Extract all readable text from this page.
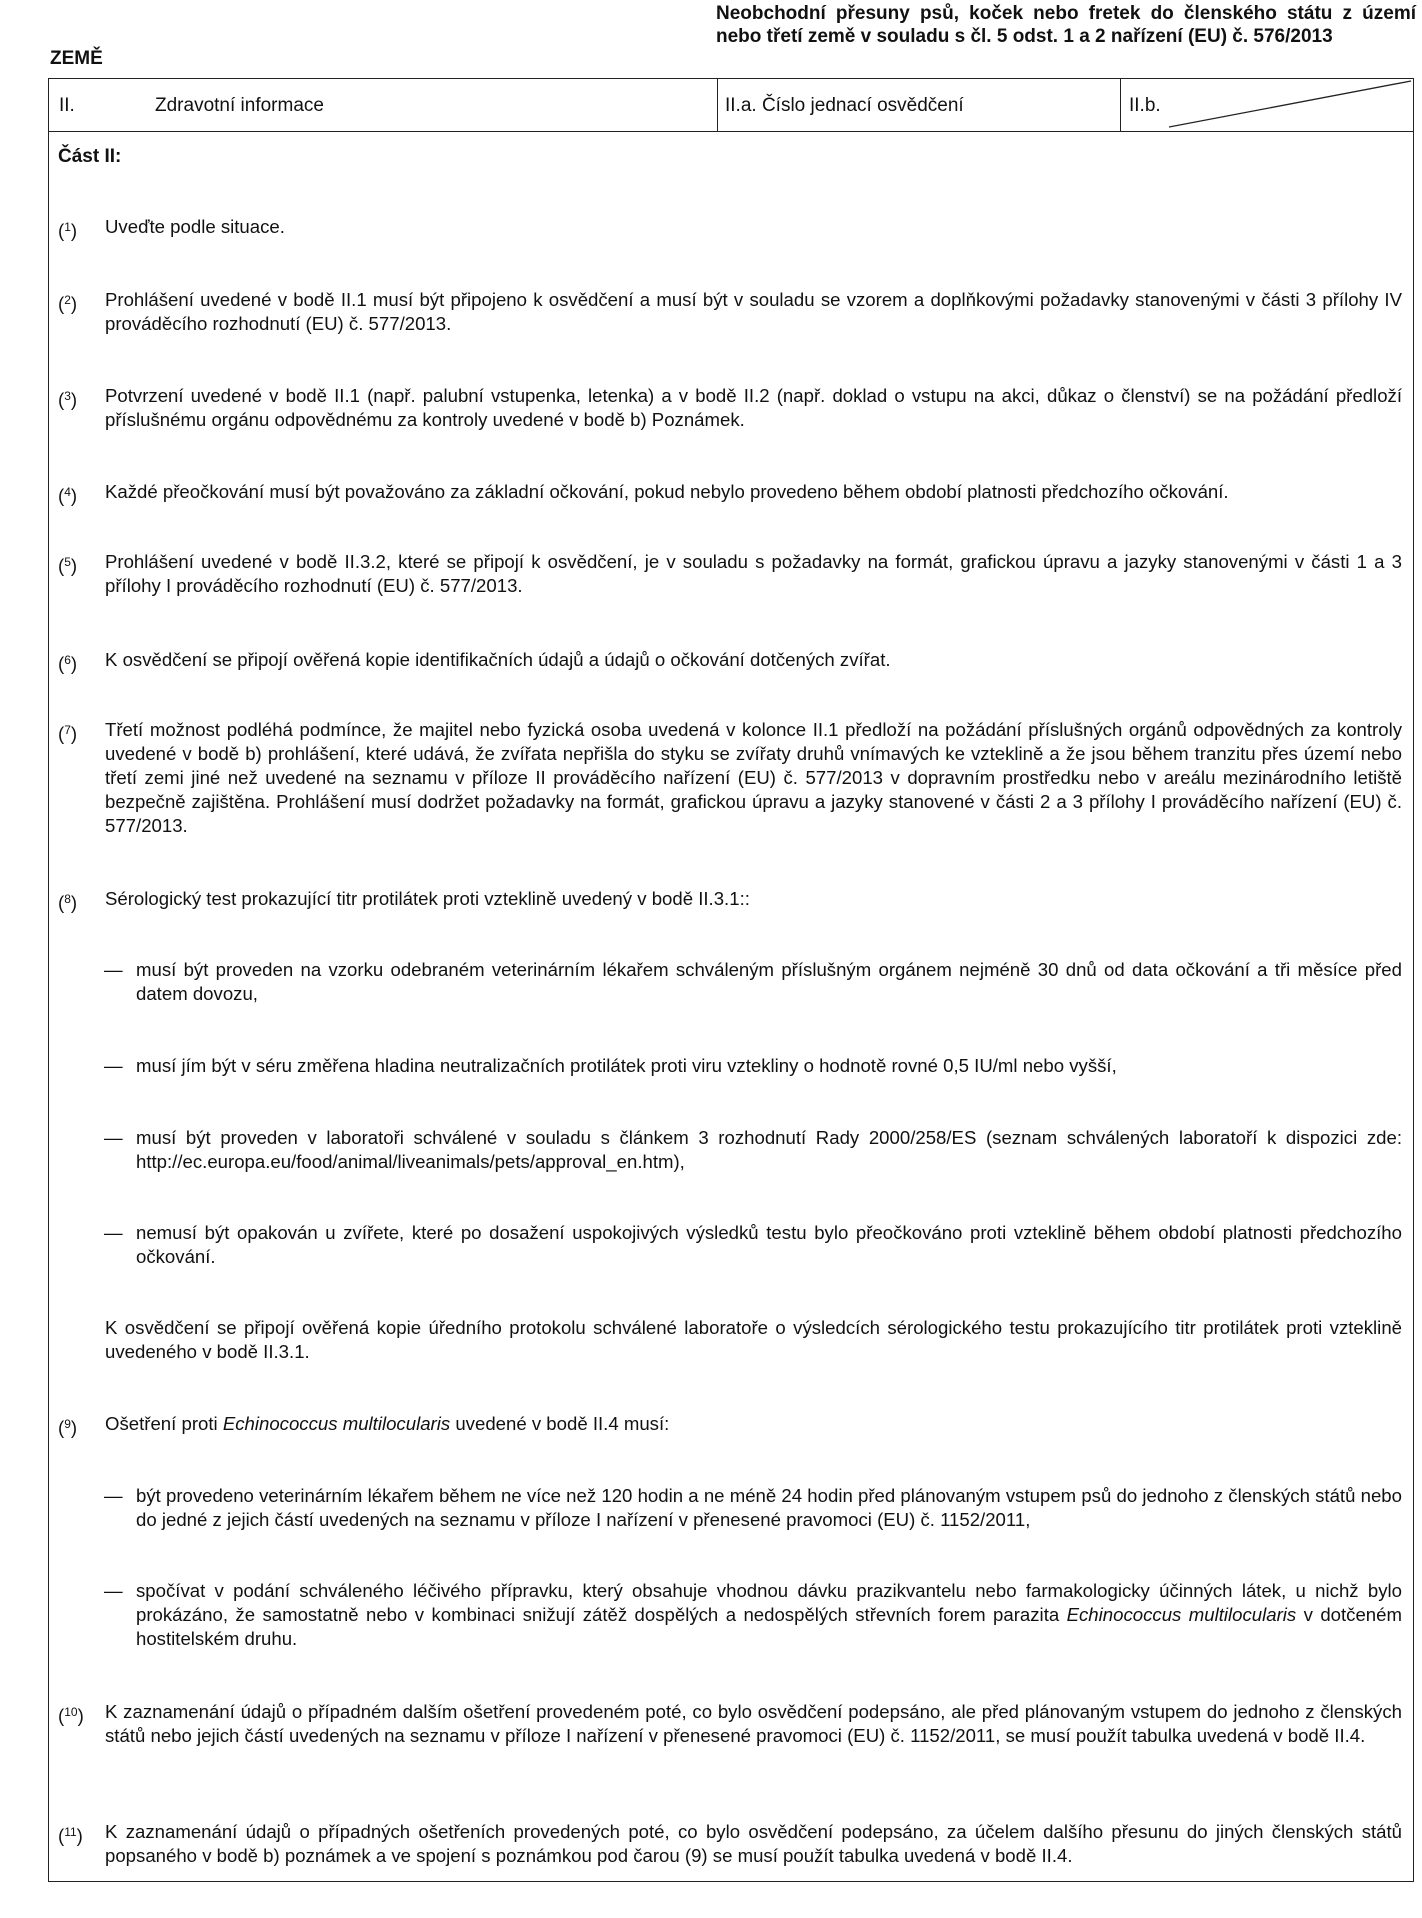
ZEMĚ
Neobchodní přesuny psů, koček nebo fretek do členského státu z území nebo třetí země v souladu s čl. 5 odst. 1 a 2 nařízení (EU) č. 576/2013
II.	Zdravotní informace	II.a. Číslo jednací osvědčení	II.b.
Část II:
($^1$) Uveďte podle situace.
($^2$) Prohlášení uvedené v bodě II.1 musí být připojeno k osvědčení a musí být v souladu se vzorem a doplňkovými požadavky stanovenými v části 3 přílohy IV prováděcího rozhodnutí (EU) č. 577/2013.
($^3$) Potvrzení uvedené v bodě II.1 (např. palubní vstupenka, letenka) a v bodě II.2 (např. doklad o vstupu na akci, důkaz o členství) se na požádání předloží příslušnému orgánu odpovědnému za kontroly uvedené v bodě b) Poznámek.
($^4$) Každé přeočkování musí být považováno za základní očkování, pokud nebylo provedeno během období platnosti předchozího očkování.
($^5$) Prohlášení uvedené v bodě II.3.2, které se připojí k osvědčení, je v souladu s požadavky na formát, grafickou úpravu a jazyky stanovenými v části 1 a 3 přílohy I prováděcího rozhodnutí (EU) č. 577/2013.
($^6$) K osvědčení se připojí ověřená kopie identifikačních údajů a údajů o očkování dotčených zvířat.
($^7$) Třetí možnost podléhá podmínce, že majitel nebo fyzická osoba uvedená v kolonce II.1 předloží na požádání příslušných orgánů odpovědných za kontroly uvedené v bodě b) prohlášení, které udává, že zvířata nepřišla do styku se zvířaty druhů vnímavých ke vzteklině a že jsou během tranzitu přes území nebo třetí zemi jiné než uvedené na seznamu v příloze II prováděcího nařízení (EU) č. 577/2013 v dopravním prostředku nebo v areálu mezinárodního letiště bezpečně zajištěna. Prohlášení musí dodržet požadavky na formát, grafickou úpravu a jazyky stanovené v části 2 a 3 přílohy I prováděcího nařízení (EU) č. 577/2013.
($^8$) Sérologický test prokazující titr protilátek proti vzteklině uvedený v bodě II.3.1::
— musí být proveden na vzorku odebraném veterinárním lékařem schváleným příslušným orgánem nejméně 30 dnů od data očkování a tři měsíce před datem dovozu,
— musí jím být v séru změřena hladina neutralizačních protilátek proti viru vztekliny o hodnotě rovné 0,5 IU/ml nebo vyšší,
— musí být proveden v laboratoři schválené v souladu s článkem 3 rozhodnutí Rady 2000/258/ES (seznam schválených laboratoří k dispozici zde: http://ec.europa.eu/food/animal/liveanimals/pets/approval_en.htm),
— nemusí být opakován u zvířete, které po dosažení uspokojivých výsledků testu bylo přeočkováno proti vzteklině během období platnosti předchozího očkování.
K osvědčení se připojí ověřená kopie úředního protokolu schválené laboratoře o výsledcích sérologického testu prokazujícího titr protilátek proti vzteklině uvedeného v bodě II.3.1.
($^9$) Ošetření proti Echinococcus multilocularis uvedené v bodě II.4 musí:
— být provedeno veterinárním lékařem během ne více než 120 hodin a ne méně 24 hodin před plánovaným vstupem psů do jednoho z členských států nebo do jedné z jejich částí uvedených na seznamu v příloze I nařízení v přenesené pravomoci (EU) č. 1152/2011,
— spočívat v podání schváleného léčivého přípravku, který obsahuje vhodnou dávku prazikvantelu nebo farmakologicky účinných látek, u nichž bylo prokázáno, že samostatně nebo v kombinaci snižují zátěž dospělých a nedospělých střevních forem parazita Echinococcus multilocularis v dotčeném hostitelském druhu.
($^{10}$) K zaznamenání údajů o případném dalším ošetření provedeném poté, co bylo osvědčení podepsáno, ale před plánovaným vstupem do jednoho z členských států nebo jejich částí uvedených na seznamu v příloze I nařízení v přenesené pravomoci (EU) č. 1152/2011, se musí použít tabulka uvedená v bodě II.4.
($^{11}$) K zaznamenání údajů o případných ošetřeních provedených poté, co bylo osvědčení podepsáno, za účelem dalšího přesunu do jiných členských států popsaného v bodě b) poznámek a ve spojení s poznámkou pod čarou (9) se musí použít tabulka uvedená v bodě II.4.
